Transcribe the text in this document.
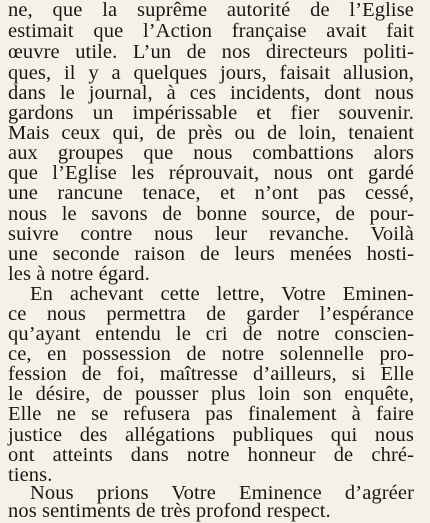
ne, que la suprême autorité de l’Eglise
estimait que l’Action française avait fait
œuvre utile. L’un de nos directeurs politi-
ques, il y a quelques jours, faisait allusion,
dans le journal, à ces incidents, dont nous
gardons un impérissable et fier souvenir.
Mais ceux qui, de près ou de loin, tenaient
aux groupes que nous combattions alors
que l’Eglise les réprouvait, nous ont gardé
une rancune tenace, et n’ont pas cessé,
nous le savons de bonne source, de pour-
suivre contre nous leur revanche. Voilà
une seconde raison de leurs menées hosti-
les à notre égard.
En achevant cette lettre, Votre Eminen-
ce nous permettra de garder l’espérance
qu’ayant entendu le cri de notre conscien-
ce, en possession de notre solennelle pro-
fession de foi, maîtresse d’ailleurs, si Elle
le désire, de pousser plus loin son enquête,
Elle ne se refusera pas finalement à faire
justice des allégations publiques qui nous
ont atteints dans notre honneur de chré-
tiens.
Nous prions Votre Eminence d’agréer
nos sentiments de très profond respect.
